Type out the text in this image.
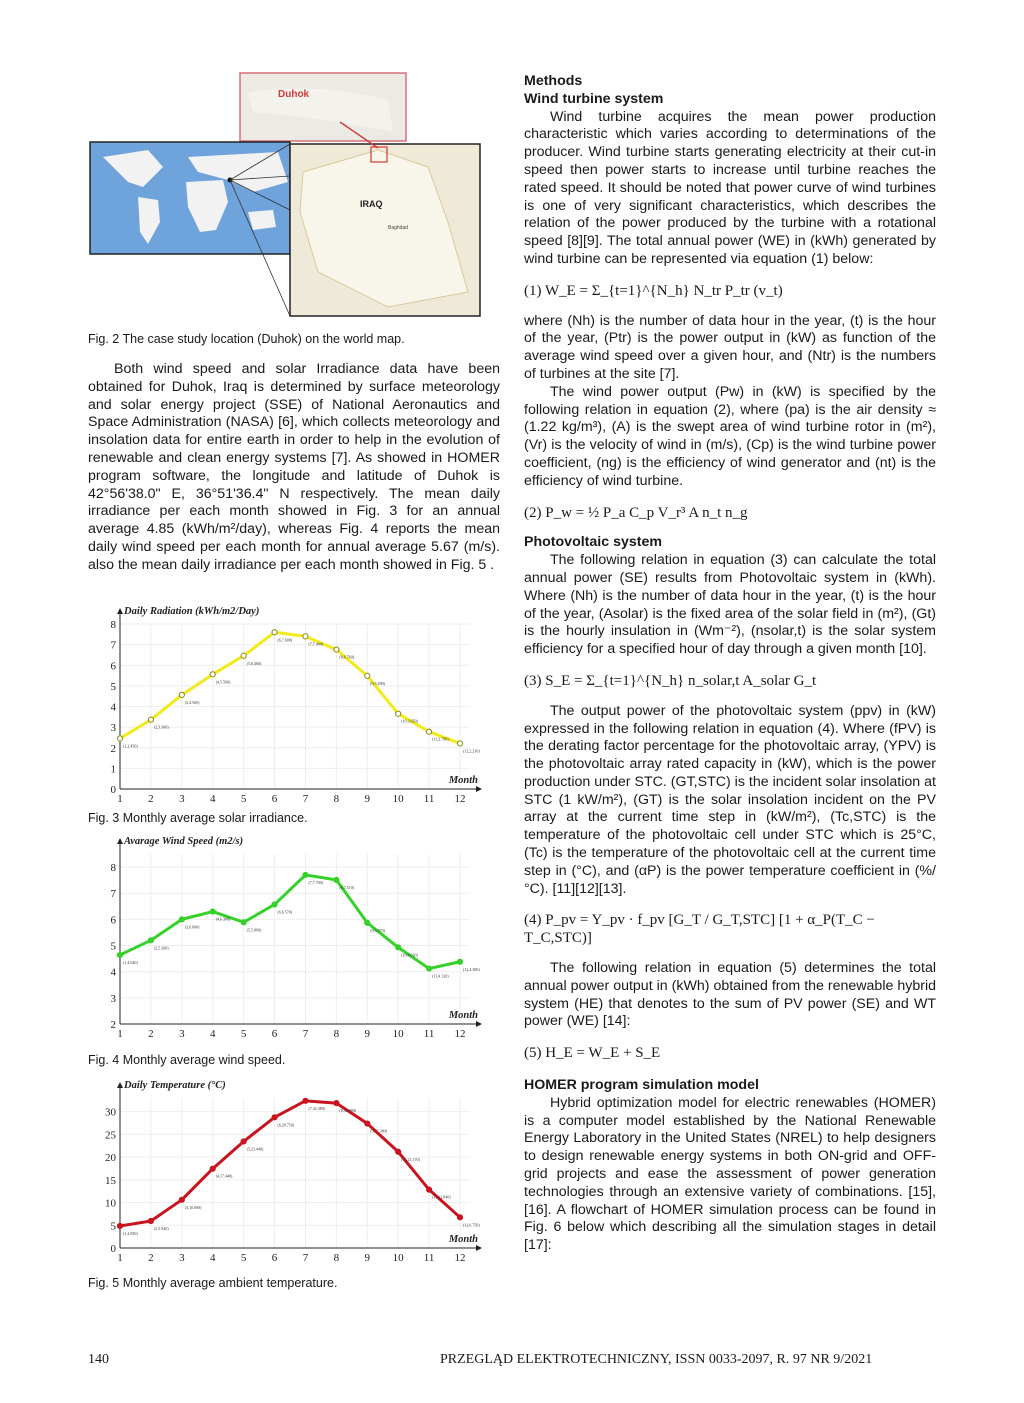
Duhok
IRAQ
Baghdad

Fig. 2 The case study location (Duhok) on the world map.

Both wind speed and solar Irradiance data have been obtained for Duhok, Iraq is determined by surface meteorology and solar energy project (SSE) of National Aeronautics and Space Administration (NASA) [6], which collects meteorology and insolation data for entire earth in order to help in the evolution of renewable and clean energy systems [7]. As showed in HOMER program software, the longitude and latitude of Duhok is 42°56'38.0" E, 36°51'36.4" N respectively. The mean daily irradiance per each month showed in Fig. 3 for an annual average 4.85 (kWh/m²/day), whereas Fig. 4 reports the mean daily wind speed per each month for annual average 5.67 (m/s). also the mean daily irradiance per each month showed in Fig. 5 .

Daily Radiation (kWh/m2/Day)
Month
0
1
2
3
4
5
6
7
8
1 2 3 4 5 6 7 8 9 10 11 12
(1,2.450)
(2,3.360)
(3,4.560)
(4,5.560)
(5,6.460)
(6,7.600)
(7,7.400)
(8,6.760)
(9,5.490)
(10,3.650)
(11,2.780)
(12,2.210)
Fig. 3 Monthly average solar irradiance.
Avarage Wind Speed (m2/s)
Month
2
3
4
5
6
7
8
1 2 3 4 5 6 7 8 9 10 11 12
(1,4.640)
(2,5.200)
(3,6.000)
(4,6.300)
(5,5.890)
(6,6.570)
(7,7.700)
(8,7.510)
(9,5.870)
(10,4.930)
(11,4.120)
(12,4.380)
Fig. 4 Monthly average wind speed.
Daily Temperature (°C)
Month
0
5
10
15
20
25
30
1 2 3 4 5 6 7 8 9 10 11 12
(1,4.850)
(2,5.940)
(3,10.600)
(4,17.440)
(5,23.440)
(6,28.750)
(7,32.380)	(8,31.880)
(9,27.380)
(10,21.170)
(11,12.840)
(12,6.750)
Fig. 5 Monthly average ambient temperature.
Methods
Wind turbine system

Wind turbine acquires the mean power production characteristic which varies according to determinations of the producer. Wind turbine starts generating electricity at their cut-in speed then power starts to increase until turbine reaches the rated speed. It should be noted that power curve of wind turbines is one of very significant characteristics, which describes the relation of the power produced by the turbine with a rotational speed [8][9]. The total annual power (WE) in (kWh) generated by wind turbine can be represented via equation (1) below:

(1) W_E = Σ_{t=1}^{N_h} N_tr P_tr (v_t)

where (Nh) is the number of data hour in the year, (t) is the hour of the year, (Ptr) is the power output in (kW) as function of the average wind speed over a given hour, and (Ntr) is the numbers of turbines at the site [7].

The wind power output (Pw) in (kW) is specified by the following relation in equation (2), where (pa) is the air density ≈ (1.22 kg/m³), (A) is the swept area of wind turbine rotor in (m²), (Vr) is the velocity of wind in (m/s), (Cp) is the wind turbine power coefficient, (ng) is the efficiency of wind generator and (nt) is the efficiency of wind turbine.

(2) P_w = ½ P_a C_p V_r³ A n_t n_g
Photovoltaic system

The following relation in equation (3) can calculate the total annual power (SE) results from Photovoltaic system in (kWh). Where (Nh) is the number of data hour in the year, (t) is the hour of the year, (Asolar) is the fixed area of the solar field in (m²), (Gt) is the hourly insulation in (Wm⁻²), (nsolar,t) is the solar system efficiency for a specified hour of day through a given month [10].

(3) S_E = Σ_{t=1}^{N_h} n_solar,t A_solar G_t

The output power of the photovoltaic system (ppv) in (kW) expressed in the following relation in equation (4). Where (fPV) is the derating factor percentage for the photovoltaic array, (YPV) is the photovoltaic array rated capacity in (kW), which is the power production under STC. (GT,STC) is the incident solar insolation at STC (1 kW/m²), (GT) is the solar insolation incident on the PV array at the current time step in (kW/m²), (Tc,STC) is the temperature of the photovoltaic cell under STC which is 25°C, (Tc) is the temperature of the photovoltaic cell at the current time step in (°C), and (αP) is the power temperature coefficient in (%/°C). [11][12][13].

(4) P_pv = Y_pv · f_pv [G_T / G_T,STC] [1 + α_P(T_C − T_C,STC)]

The following relation in equation (5) determines the total annual power output in (kWh) obtained from the renewable hybrid system (HE) that denotes to the sum of PV power (SE) and WT power (WE) [14]:

(5) H_E = W_E + S_E
HOMER program simulation model

Hybrid optimization model for electric renewables (HOMER) is a computer model established by the National Renewable Energy Laboratory in the United States (NREL) to help designers to design renewable energy systems in both ON-grid and OFF-grid projects and ease the assessment of power generation technologies through an extensive variety of combinations. [15],[16]. A flowchart of HOMER simulation process can be found in Fig. 6 below which describing all the simulation stages in detail [17]:

140	PRZEGLĄD ELEKTROTECHNICZNY, ISSN 0033-2097, R. 97 NR 9/2021
